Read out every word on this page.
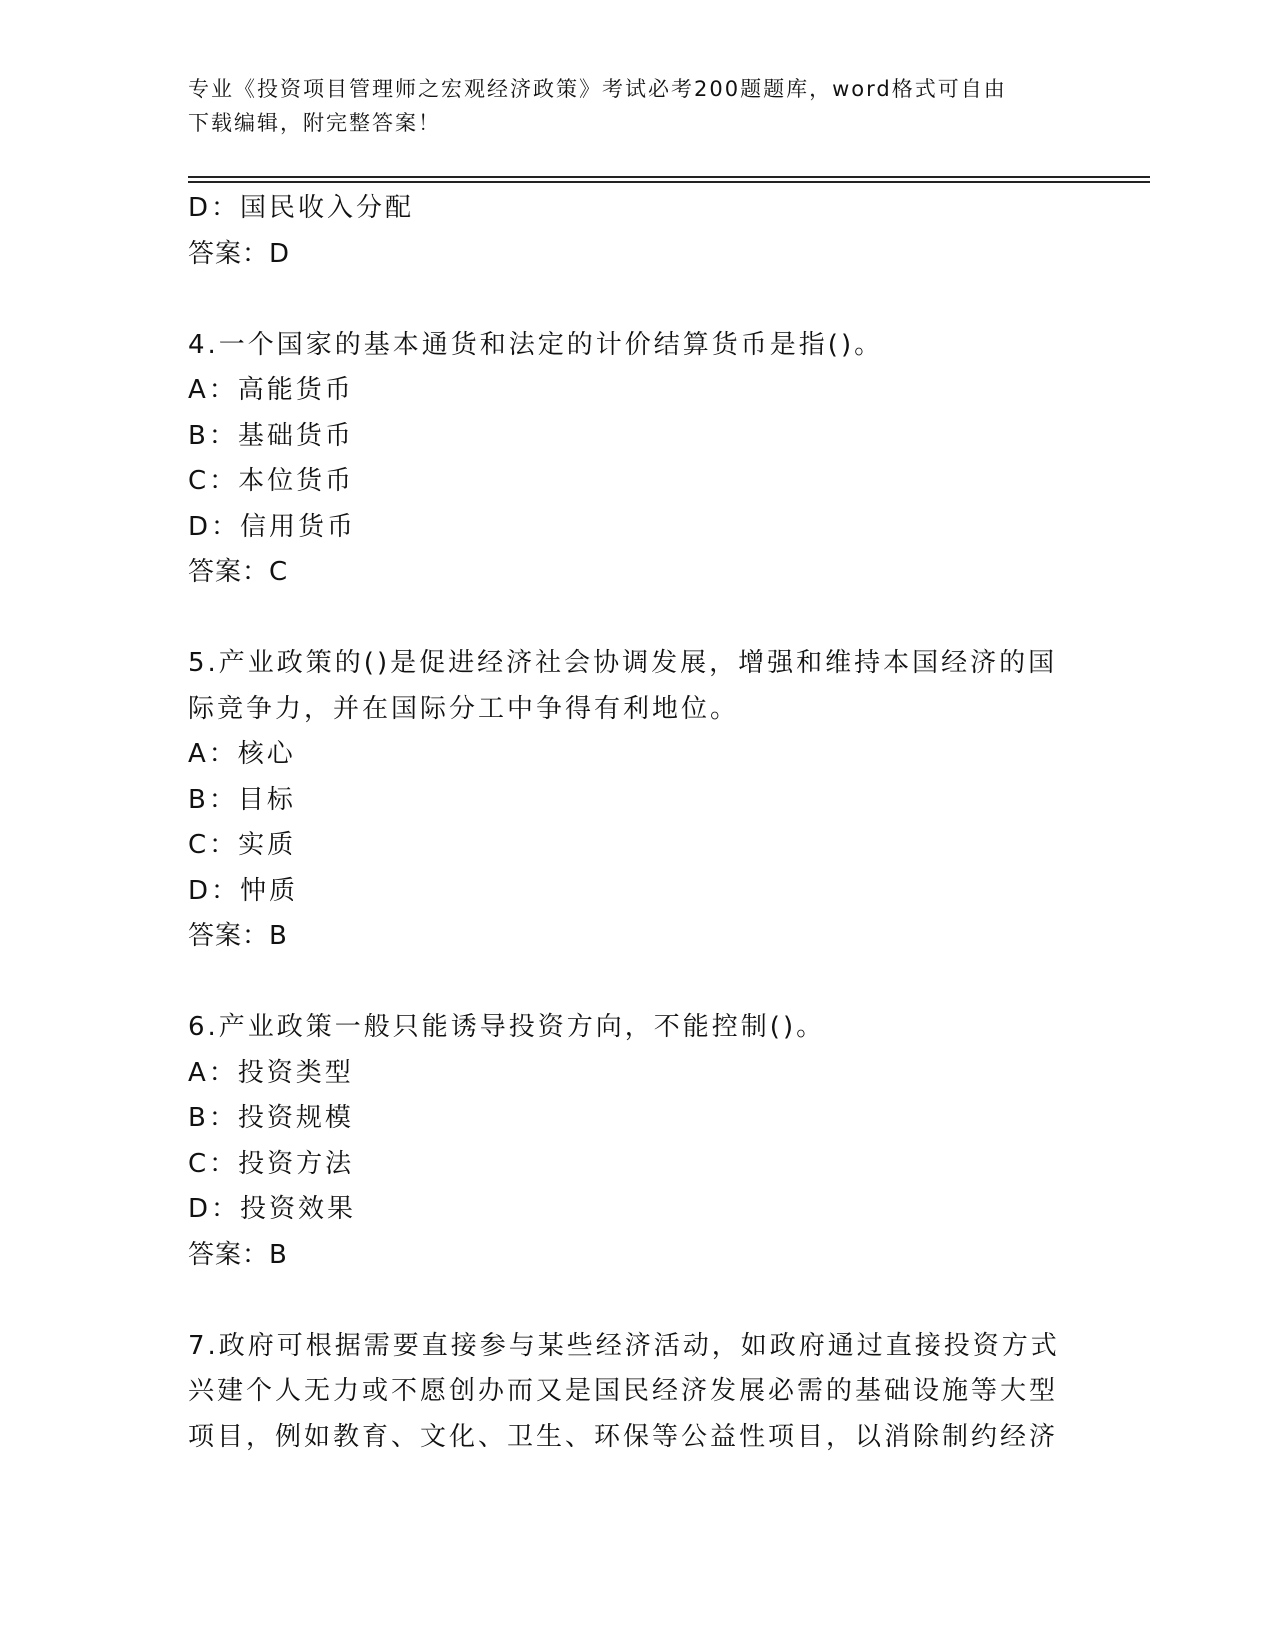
专业《投资项目管理师之宏观经济政策》考试必考200题题库，word格式可自由
下载编辑，附完整答案！
D：国民收入分配
答案：D
4.一个国家的基本通货和法定的计价结算货币是指()。
A：高能货币
B：基础货币
C：本位货币
D：信用货币
答案：C
5.产业政策的()是促进经济社会协调发展，增强和维持本国经济的国
际竞争力，并在国际分工中争得有利地位。
A：核心
B：目标
C：实质
D：忡质
答案：B
6.产业政策一般只能诱导投资方向，不能控制()。
A：投资类型
B：投资规模
C：投资方法
D：投资效果
答案：B
7.政府可根据需要直接参与某些经济活动，如政府通过直接投资方式
兴建个人无力或不愿创办而又是国民经济发展必需的基础设施等大型
项目，例如教育、文化、卫生、环保等公益性项目，以消除制约经济
